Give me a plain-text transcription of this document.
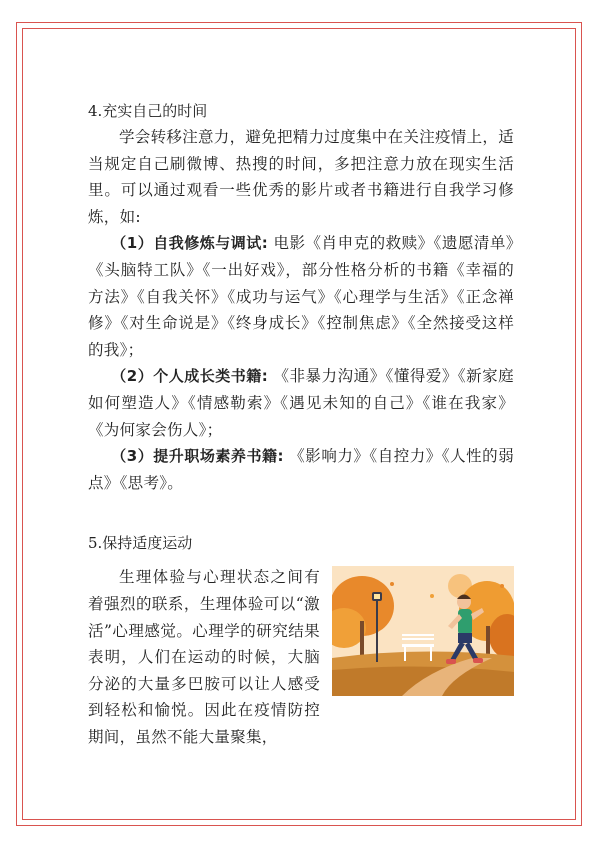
4.充实自己的时间

学会转移注意力，避免把精力过度集中在关注疫情上，适当规定自己刷微博、热搜的时间，多把注意力放在现实生活里。可以通过观看一些优秀的影片或者书籍进行自我学习修炼，如:

（1）自我修炼与调试: 电影《肖申克的救赎》《遗愿清单》《头脑特工队》《一出好戏》，部分性格分析的书籍《幸福的方法》《自我关怀》《成功与运气》《心理学与生活》《正念禅修》《对生命说是》《终身成长》《控制焦虑》《全然接受这样的我》；

（2）个人成长类书籍: 《非暴力沟通》《懂得爱》《新家庭如何塑造人》《情感勒索》《遇见未知的自己》《谁在我家》《为何家会伤人》；

（3）提升职场素养书籍: 《影响力》《自控力》《人性的弱点》《思考》。

5.保持适度运动

生理体验与心理状态之间有着强烈的联系，生理体验可以“激活”心理感觉。心理学的研究结果表明，人们在运动的时候，大脑分泌的大量多巴胺可以让人感受到轻松和愉悦。因此在疫情防控期间，虽然不能大量聚集，
